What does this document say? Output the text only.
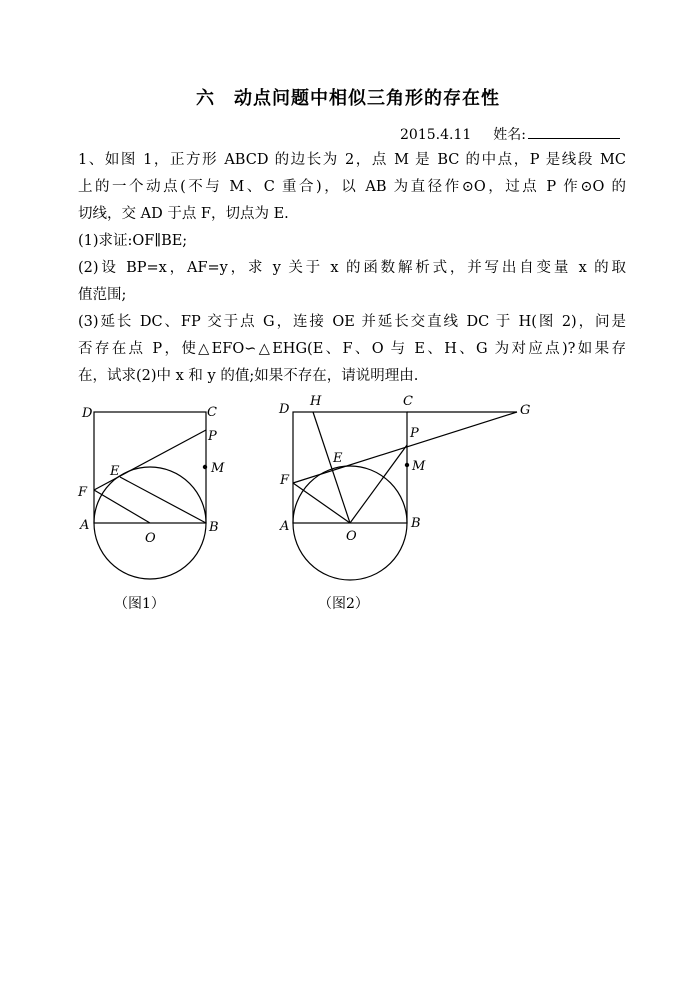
六　动点问题中相似三角形的存在性
2015.4.11 姓名:

1、如图 1，正方形 ABCD 的边长为 2，点 M 是 BC 的中点，P 是线段 MC

上的一个动点(不与 M、C 重合)，以 AB 为直径作⊙O，过点 P 作⊙O 的

切线，交 AD 于点 F，切点为 E.

(1)求证:OF∥BE;

(2)设 BP=x，AF=y，求 y 关于 x 的函数解析式，并写出自变量 x 的取

值范围;

(3)延长 DC、FP 交于点 G，连接 OE 并延长交直线 DC 于 H(图 2)，问是

否存在点 P，使△EFO∽△EHG(E、F、O 与 E、H、G 为对应点)?如果存

在，试求(2)中 x 和 y 的值;如果不存在，请说明理由.

D	C
P
M
E
F
A	B
O
D
H	C
G
P
M
E
F
A	B
O
（图1）	（图2）
